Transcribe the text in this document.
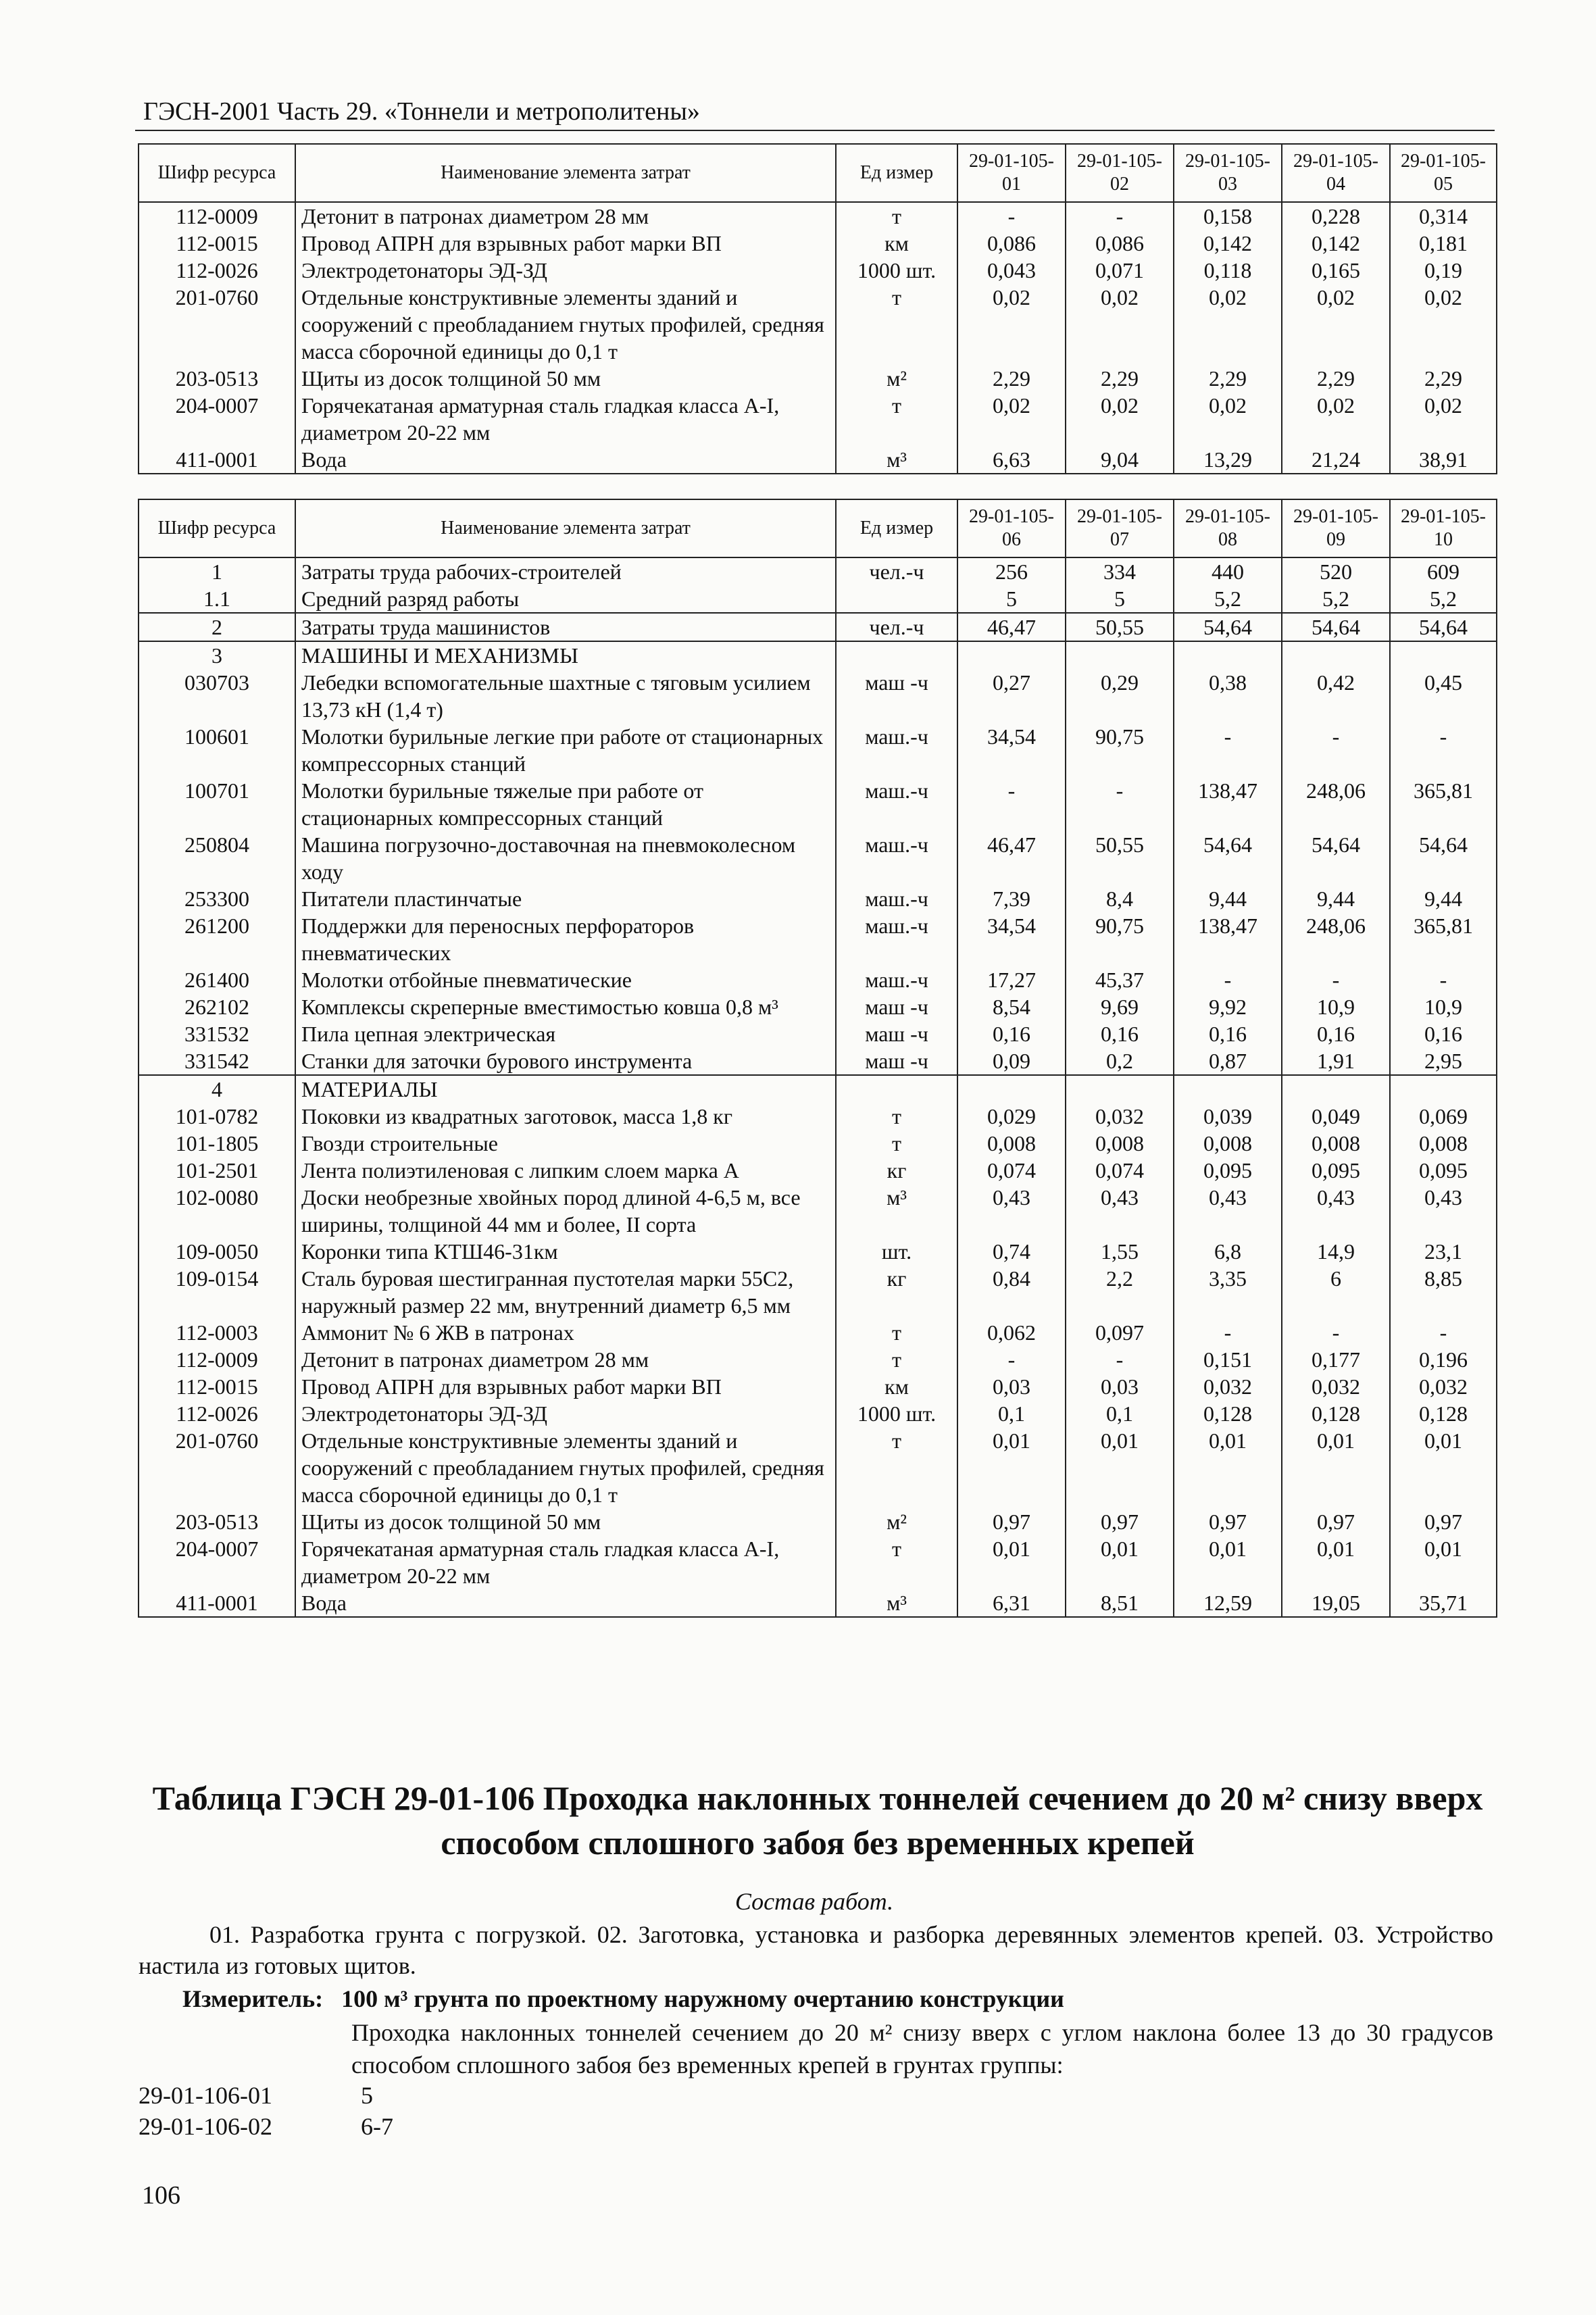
ГЭСН-2001 Часть 29. «Тоннели и метрополитены»
Шифр ресурса	Наименование элемента затрат	Ед измер	29-01-105-01	29-01-105-02	29-01-105-03	29-01-105-04	29-01-105-05
112-0009	Детонит в патронах диаметром 28 мм	т	-	-	0,158	0,228	0,314
112-0015	Провод АПРН для взрывных работ марки ВП	км	0,086	0,086	0,142	0,142	0,181
112-0026	Электродетонаторы ЭД-ЗД	1000 шт.	0,043	0,071	0,118	0,165	0,19
201-0760	Отдельные конструктивные элементы зданий и сооружений с преобладанием гнутых профилей, средняя масса сборочной единицы до 0,1 т	т	0,02	0,02	0,02	0,02	0,02
203-0513	Щиты из досок толщиной 50 мм	м²	2,29	2,29	2,29	2,29	2,29
204-0007	Горячекатаная арматурная сталь гладкая класса А-I, диаметром 20-22 мм	т	0,02	0,02	0,02	0,02	0,02
411-0001	Вода	м³	6,63	9,04	13,29	21,24	38,91
Шифр ресурса	Наименование элемента затрат	Ед измер	29-01-105-06	29-01-105-07	29-01-105-08	29-01-105-09	29-01-105-10
1	Затраты труда рабочих-строителей	чел.-ч	256	334	440	520	609
1.1	Средний разряд работы		5	5	5,2	5,2	5,2
2	Затраты труда машинистов	чел.-ч	46,47	50,55	54,64	54,64	54,64
3	МАШИНЫ И МЕХАНИЗМЫ						
030703	Лебедки вспомогательные шахтные с тяговым усилием 13,73 кН (1,4 т)	маш -ч	0,27	0,29	0,38	0,42	0,45
100601	Молотки бурильные легкие при работе от стационарных компрессорных станций	маш.-ч	34,54	90,75	-	-	-
100701	Молотки бурильные тяжелые при работе от стационарных компрессорных станций	маш.-ч	-	-	138,47	248,06	365,81
250804	Машина погрузочно-доставочная на пневмоколесном ходу	маш.-ч	46,47	50,55	54,64	54,64	54,64
253300	Питатели пластинчатые	маш.-ч	7,39	8,4	9,44	9,44	9,44
261200	Поддержки для переносных перфораторов пневматических	маш.-ч	34,54	90,75	138,47	248,06	365,81
261400	Молотки отбойные пневматические	маш.-ч	17,27	45,37	-	-	-
262102	Комплексы скреперные вместимостью ковша 0,8 м³	маш -ч	8,54	9,69	9,92	10,9	10,9
331532	Пила цепная электрическая	маш -ч	0,16	0,16	0,16	0,16	0,16
331542	Станки для заточки бурового инструмента	маш -ч	0,09	0,2	0,87	1,91	2,95
4	МАТЕРИАЛЫ						
101-0782	Поковки из квадратных заготовок, масса 1,8 кг	т	0,029	0,032	0,039	0,049	0,069
101-1805	Гвозди строительные	т	0,008	0,008	0,008	0,008	0,008
101-2501	Лента полиэтиленовая с липким слоем марка А	кг	0,074	0,074	0,095	0,095	0,095
102-0080	Доски необрезные хвойных пород длиной 4-6,5 м, все ширины, толщиной 44 мм и более, II сорта	м³	0,43	0,43	0,43	0,43	0,43
109-0050	Коронки типа КТШ46-31км	шт.	0,74	1,55	6,8	14,9	23,1
109-0154	Сталь буровая шестигранная пустотелая марки 55С2, наружный размер 22 мм, внутренний диаметр 6,5 мм	кг	0,84	2,2	3,35	6	8,85
112-0003	Аммонит № 6 ЖВ в патронах	т	0,062	0,097	-	-	-
112-0009	Детонит в патронах диаметром 28 мм	т	-	-	0,151	0,177	0,196
112-0015	Провод АПРН для взрывных работ марки ВП	км	0,03	0,03	0,032	0,032	0,032
112-0026	Электродетонаторы ЭД-ЗД	1000 шт.	0,1	0,1	0,128	0,128	0,128
201-0760	Отдельные конструктивные элементы зданий и сооружений с преобладанием гнутых профилей, средняя масса сборочной единицы до 0,1 т	т	0,01	0,01	0,01	0,01	0,01
203-0513	Щиты из досок толщиной 50 мм	м²	0,97	0,97	0,97	0,97	0,97
204-0007	Горячекатаная арматурная сталь гладкая класса А-I, диаметром 20-22 мм	т	0,01	0,01	0,01	0,01	0,01
411-0001	Вода	м³	6,31	8,51	12,59	19,05	35,71
Таблица ГЭСН 29-01-106 Проходка наклонных тоннелей сечением до 20 м² снизу вверх
способом сплошного забоя без временных крепей
Состав работ.
01. Разработка грунта с погрузкой. 02. Заготовка, установка и разборка деревянных элементов крепей. 03. Устройство настила из готовых щитов.
Измеритель: 100 м³ грунта по проектному наружному очертанию конструкции
Проходка наклонных тоннелей сечением до 20 м² снизу вверх с углом наклона более 13 до 30 градусов способом сплошного забоя без временных крепей в грунтах группы:
29-01-106-01	5
29-01-106-02	6-7
106
